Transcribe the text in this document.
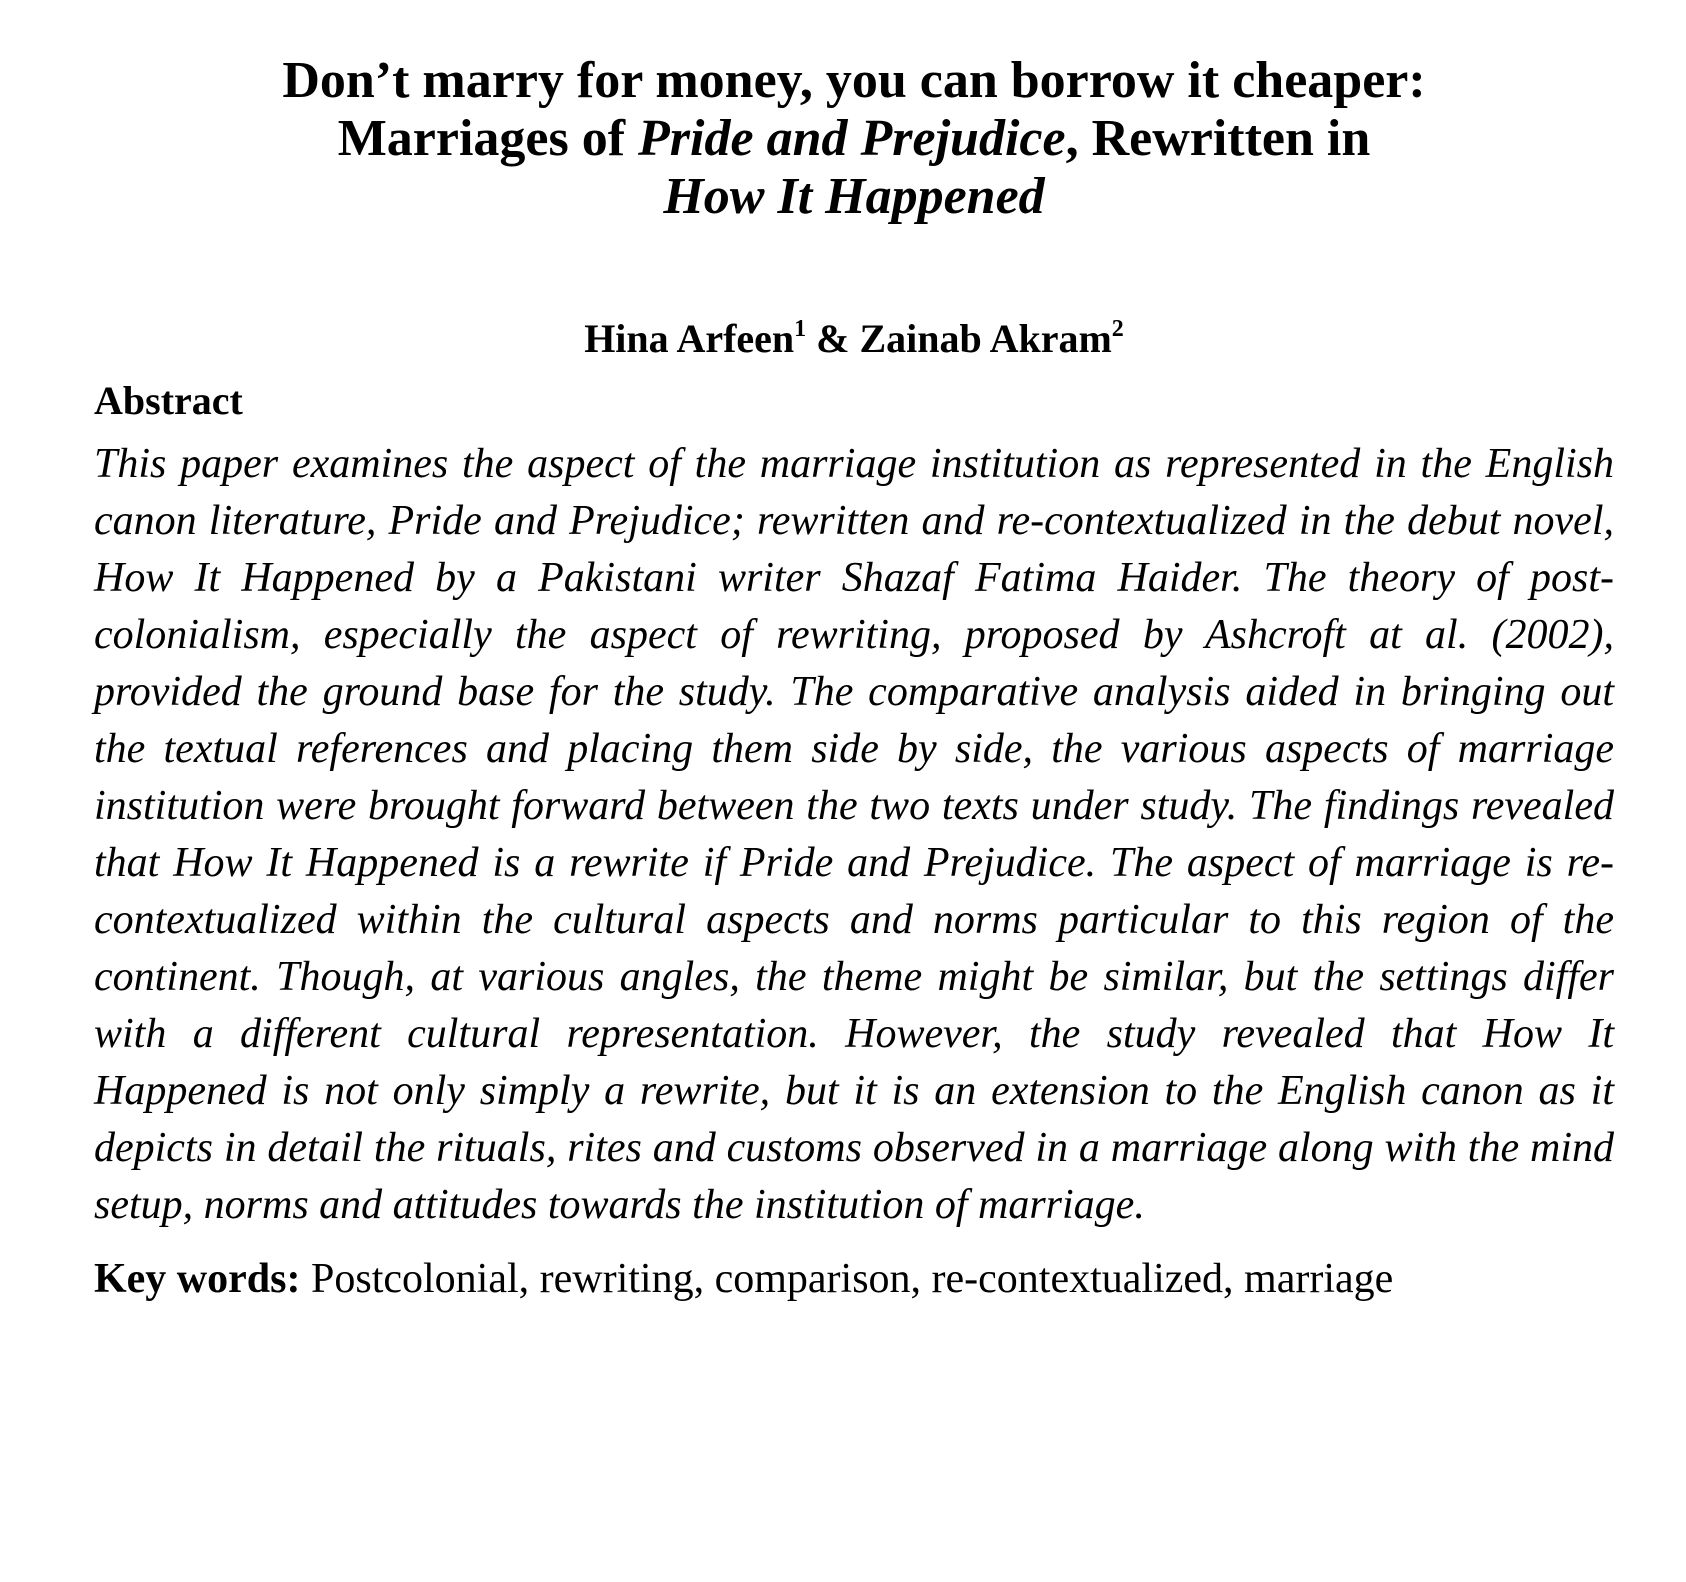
Don’t marry for money, you can borrow it cheaper:
Marriages of Pride and Prejudice, Rewritten in
How It Happened
Hina Arfeen$^1$ & Zainab Akram$^2$
Abstract

This paper examines the aspect of the marriage institution as represented in the English canon literature, Pride and Prejudice; rewritten and re-contextualized in the debut novel, How It Happened by a Pakistani writer Shazaf Fatima Haider. The theory of post-colonialism, especially the aspect of rewriting, proposed by Ashcroft at al. (2002), provided the ground base for the study. The comparative analysis aided in bringing out the textual references and placing them side by side, the various aspects of marriage institution were brought forward between the two texts under study. The findings revealed that How It Happened is a rewrite if Pride and Prejudice. The aspect of marriage is re-contextualized within the cultural aspects and norms particular to this region of the continent. Though, at various angles, the theme might be similar, but the settings differ with a different cultural representation. However, the study revealed that How It Happened is not only simply a rewrite, but it is an extension to the English canon as it depicts in detail the rituals, rites and customs observed in a marriage along with the mind setup, norms and attitudes towards the institution of marriage.

Key words: Postcolonial, rewriting, comparison, re-contextualized, marriage
